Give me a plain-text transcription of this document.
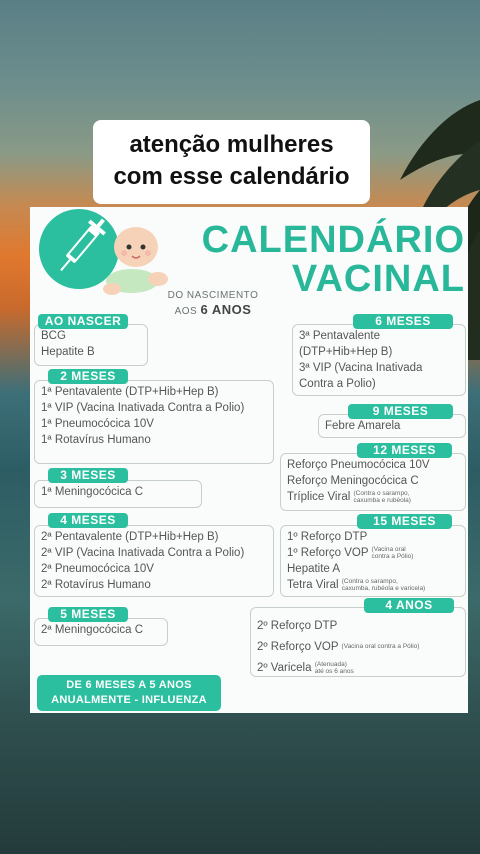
atenção mulheres
com esse calendário
CALENDÁRIO
VACINAL
DO NASCIMENTO
AOS 6 ANOS
BCG
Hepatite B
AO NASCER
1ª Pentavalente (DTP+Hib+Hep B)
1ª VIP (Vacina Inativada Contra a Polio)
1ª Pneumocócica 10V
1ª Rotavírus Humano
2 MESES
1ª Meningocócica C
3 MESES
2ª Pentavalente (DTP+Hib+Hep B)
2ª VIP (Vacina Inativada Contra a Polio)
2ª Pneumocócica 10V
2ª Rotavírus Humano
4 MESES
2ª Meningocócica C
5 MESES
3ª Pentavalente
(DTP+Hib+Hep B)
3ª VIP (Vacina Inativada
Contra a Polio)
6 MESES
Febre Amarela
9 MESES
Reforço Pneumocócica 10V
Reforço Meningocócica C
Tríplice Viral (Contra o sarampo,
caxumba e rubéola)
12 MESES
1º Reforço DTP
1º Reforço VOP (Vacina oral
contra a Pólio)
Hepatite A
Tetra Viral (Contra o sarampo,
caxumba, rubéola e varicela)
15 MESES
2º Reforço DTP
2º Reforço VOP (Vacina oral contra a Pólio)
2º Varicela (Atenuada)
até os 6 anos
4 ANOS
DE 6 MESES A 5 ANOS
ANUALMENTE - INFLUENZA
